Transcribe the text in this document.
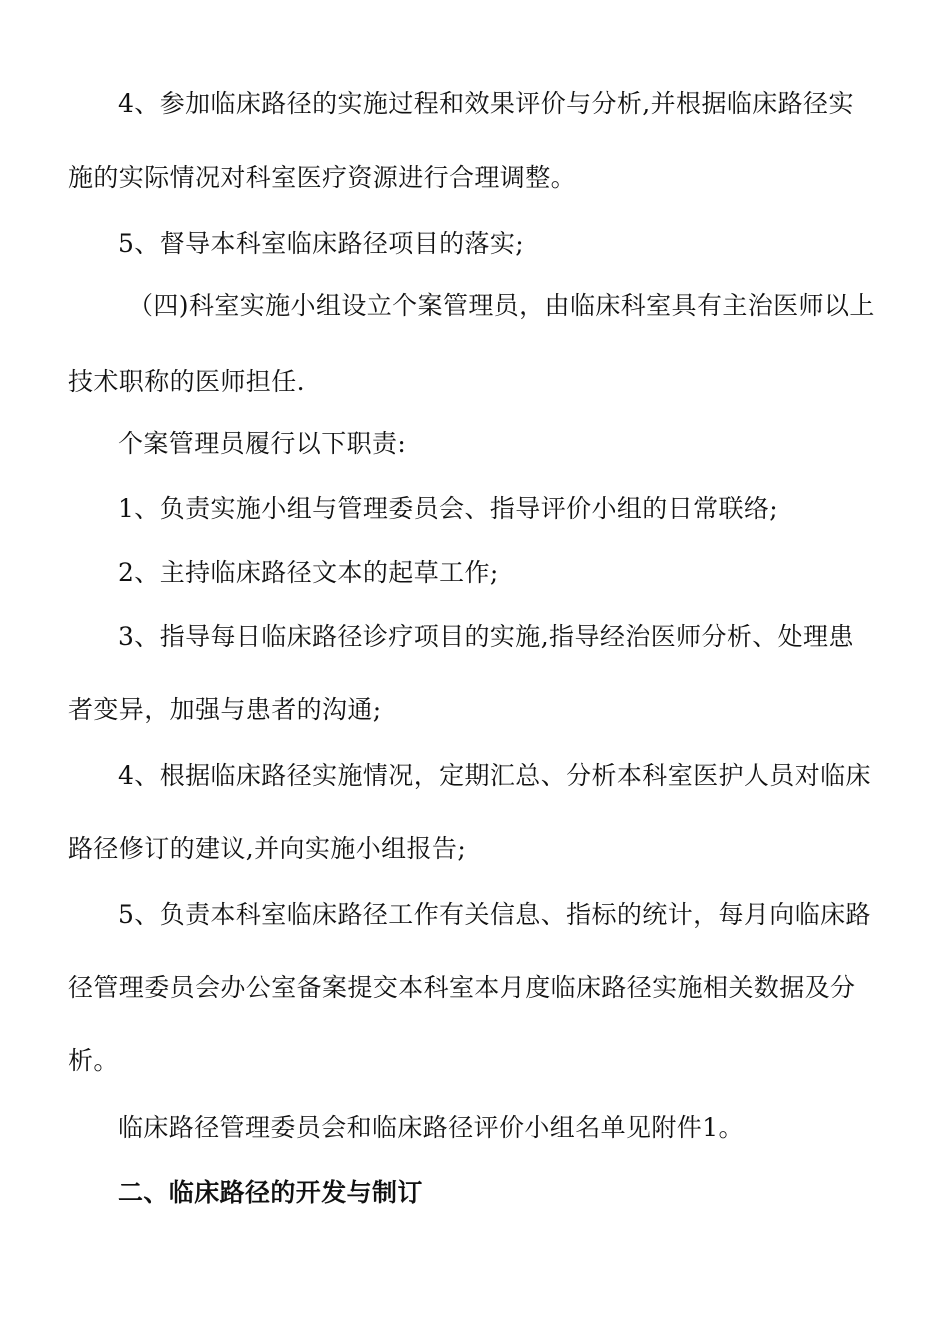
4、参加临床路径的实施过程和效果评价与分析,并根据临床路径实
施的实际情况对科室医疗资源进行合理调整。
5、督导本科室临床路径项目的落实;
（四)科室实施小组设立个案管理员，由临床科室具有主治医师以上
技术职称的医师担任.
个案管理员履行以下职责:
1、负责实施小组与管理委员会、指导评价小组的日常联络;
2、主持临床路径文本的起草工作;
3、指导每日临床路径诊疗项目的实施,指导经治医师分析、处理患
者变异，加强与患者的沟通;
4、根据临床路径实施情况，定期汇总、分析本科室医护人员对临床
路径修订的建议,并向实施小组报告;
5、负责本科室临床路径工作有关信息、指标的统计，每月向临床路
径管理委员会办公室备案提交本科室本月度临床路径实施相关数据及分
析。
临床路径管理委员会和临床路径评价小组名单见附件1。
二、临床路径的开发与制订
